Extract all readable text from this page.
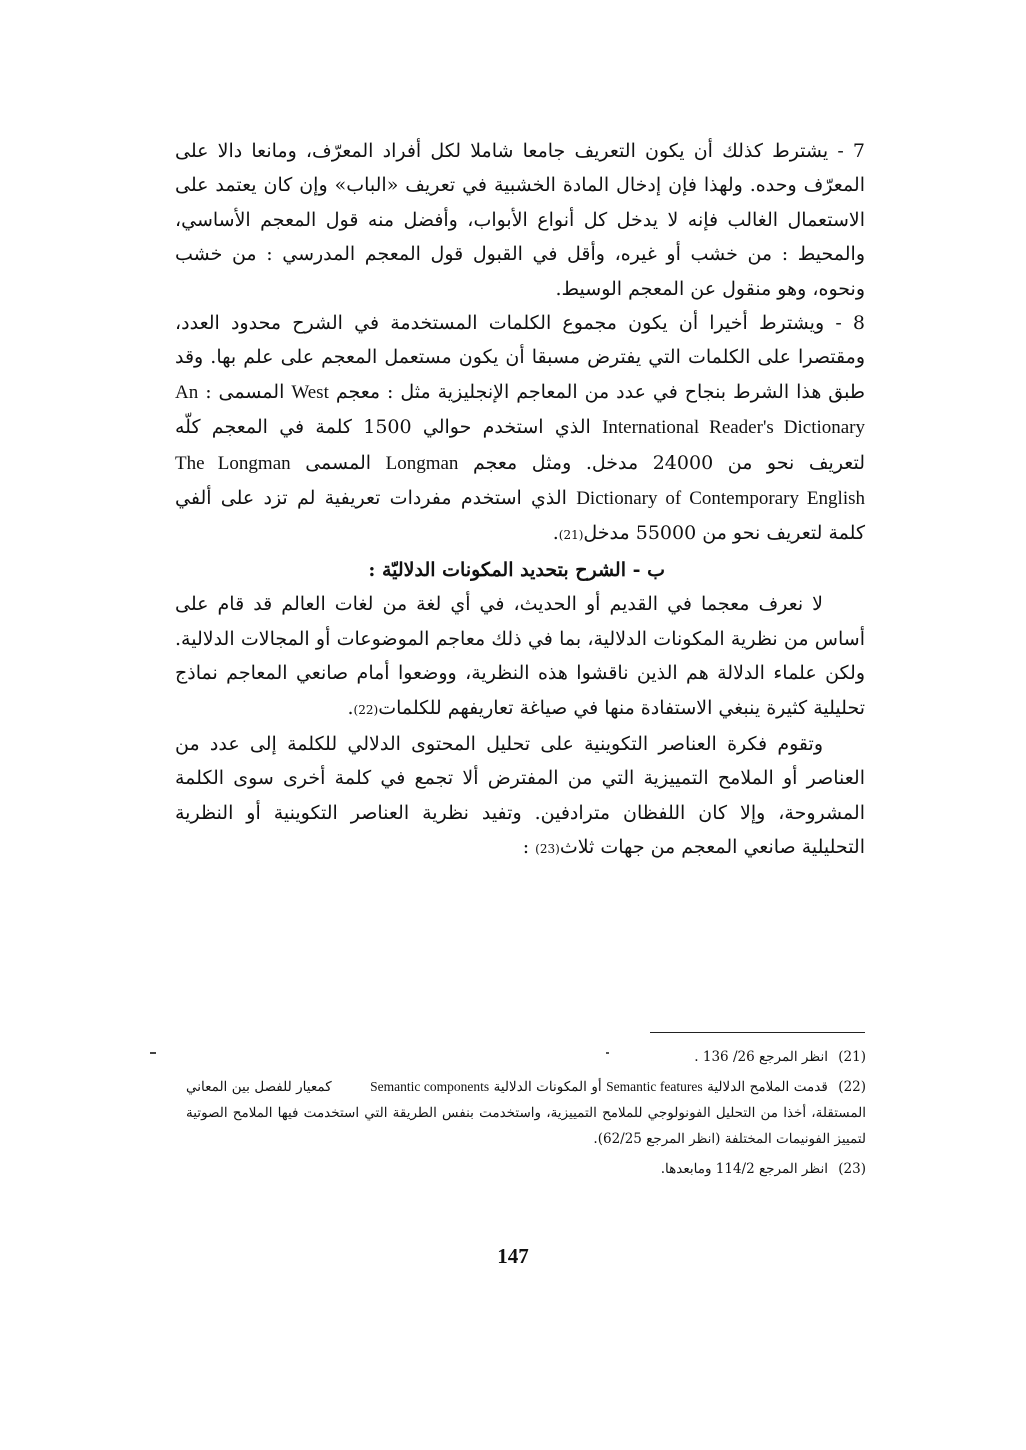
7 - يشترط كذلك أن يكون التعريف جامعا شاملا لكل أفراد المعرّف، ومانعا دالا على المعرّف وحده. ولهذا فإن إدخال المادة الخشبية في تعريف «الباب» وإن كان يعتمد على الاستعمال الغالب فإنه لا يدخل كل أنواع الأبواب، وأفضل منه قول المعجم الأساسي، والمحيط : من خشب أو غيره، وأقل في القبول قول المعجم المدرسي : من خشب ونحوه، وهو منقول عن المعجم الوسيط.

8 - ويشترط أخيرا أن يكون مجموع الكلمات المستخدمة في الشرح محدود العدد، ومقتصرا على الكلمات التي يفترض مسبقا أن يكون مستعمل المعجم على علم بها. وقد طبق هذا الشرط بنجاح في عدد من المعاجم الإنجليزية مثل : معجم West المسمى : An International Reader's Dictionary الذي استخدم حوالي 1500 كلمة في المعجم كلّه لتعريف نحو من 24000 مدخل. ومثل معجم Longman المسمى The Longman Dictionary of Contemporary English الذي استخدم مفردات تعريفية لم تزد على ألفي كلمة لتعريف نحو من 55000 مدخل(21).

ب - الشرح بتحديد المكونات الدلاليّة :

لا نعرف معجما في القديم أو الحديث، في أي لغة من لغات العالم قد قام على أساس من نظرية المكونات الدلالية، بما في ذلك معاجم الموضوعات أو المجالات الدلالية. ولكن علماء الدلالة هم الذين ناقشوا هذه النظرية، ووضعوا أمام صانعي المعاجم نماذج تحليلية كثيرة ينبغي الاستفادة منها في صياغة تعاريفهم للكلمات(22).

وتقوم فكرة العناصر التكوينية على تحليل المحتوى الدلالي للكلمة إلى عدد من العناصر أو الملامح التمييزية التي من المفترض ألا تجمع في كلمة أخرى سوى الكلمة المشروحة، وإلا كان اللفظان مترادفين. وتفيد نظرية العناصر التكوينية أو النظرية التحليلية صانعي المعجم من جهات ثلاث(23) :

(21) انظر المرجع 26/ 136 .

(22) قدمت الملامح الدلالية Semantic features أو المكونات الدلالية Semantic components كمعيار للفصل بين المعاني المستقلة، أخذا من التحليل الفونولوجي للملامح التمييزية، واستخدمت بنفس الطريقة التي استخدمت فيها الملامح الصوتية لتمييز الفونيمات المختلفة (انظر المرجع 62/25).

(23) انظر المرجع 114/2 ومابعدها.

147
